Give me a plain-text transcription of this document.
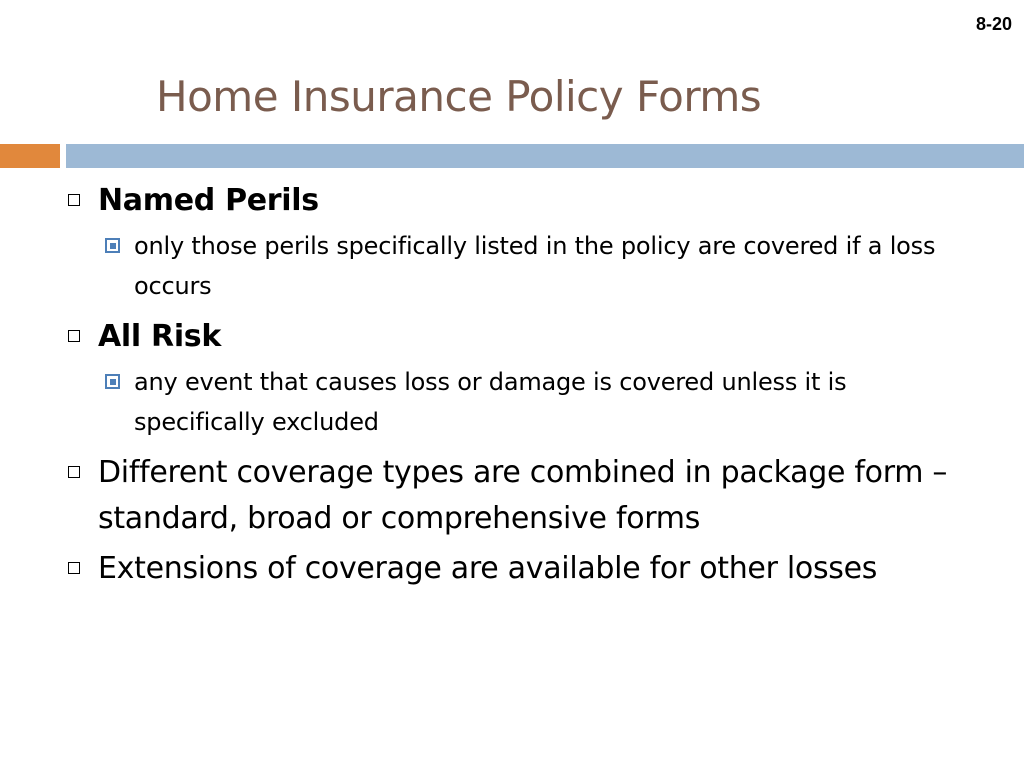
8-20
Home Insurance Policy Forms
Named Perils
only those perils specifically listed in the policy are covered if a loss occurs
All Risk
any event that causes loss or damage is covered unless it is specifically excluded
Different coverage types are combined in package form – standard, broad or comprehensive forms
Extensions of coverage are available for other losses
